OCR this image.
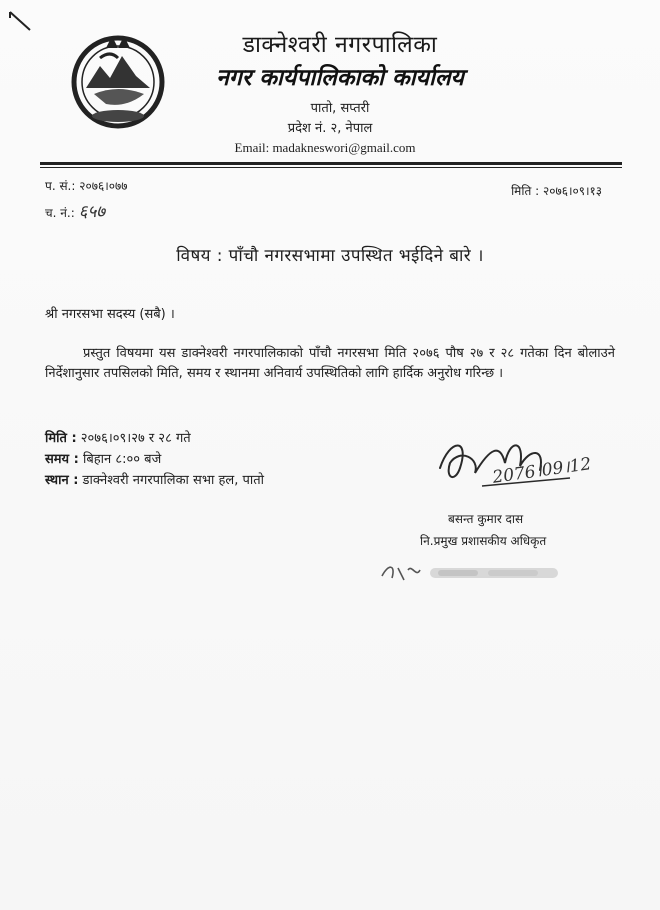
डाक्नेश्वरी नगरपालिका
नगर कार्यपालिकाको कार्यालय
पातो, सप्तरी
प्रदेश नं. २, नेपाल
Email: madakneswori@gmail.com
प. सं.: २०७६।०७७
च. नं.: ६५७
मिति : २०७६।०९।१३
विषय : पाँचौ नगरसभामा उपस्थित भईदिने बारे ।
श्री नगरसभा सदस्य (सबै) ।
प्रस्तुत विषयमा यस डाक्नेश्वरी नगरपालिकाको पाँचौ नगरसभा मिति २०७६ पौष २७ र २८ गतेका दिन बोलाउने निर्देशानुसार तपसिलको मिति, समय र स्थानमा अनिवार्य उपस्थितिको लागि हार्दिक अनुरोध गरिन्छ ।
मिति : २०७६।०९।२७ र २८ गते
समय : बिहान ८:०० बजे
स्थान : डाक्नेश्वरी नगरपालिका सभा हल, पातो	2076।09।12
बसन्त कुमार दास
नि.प्रमुख प्रशासकीय अधिकृत
